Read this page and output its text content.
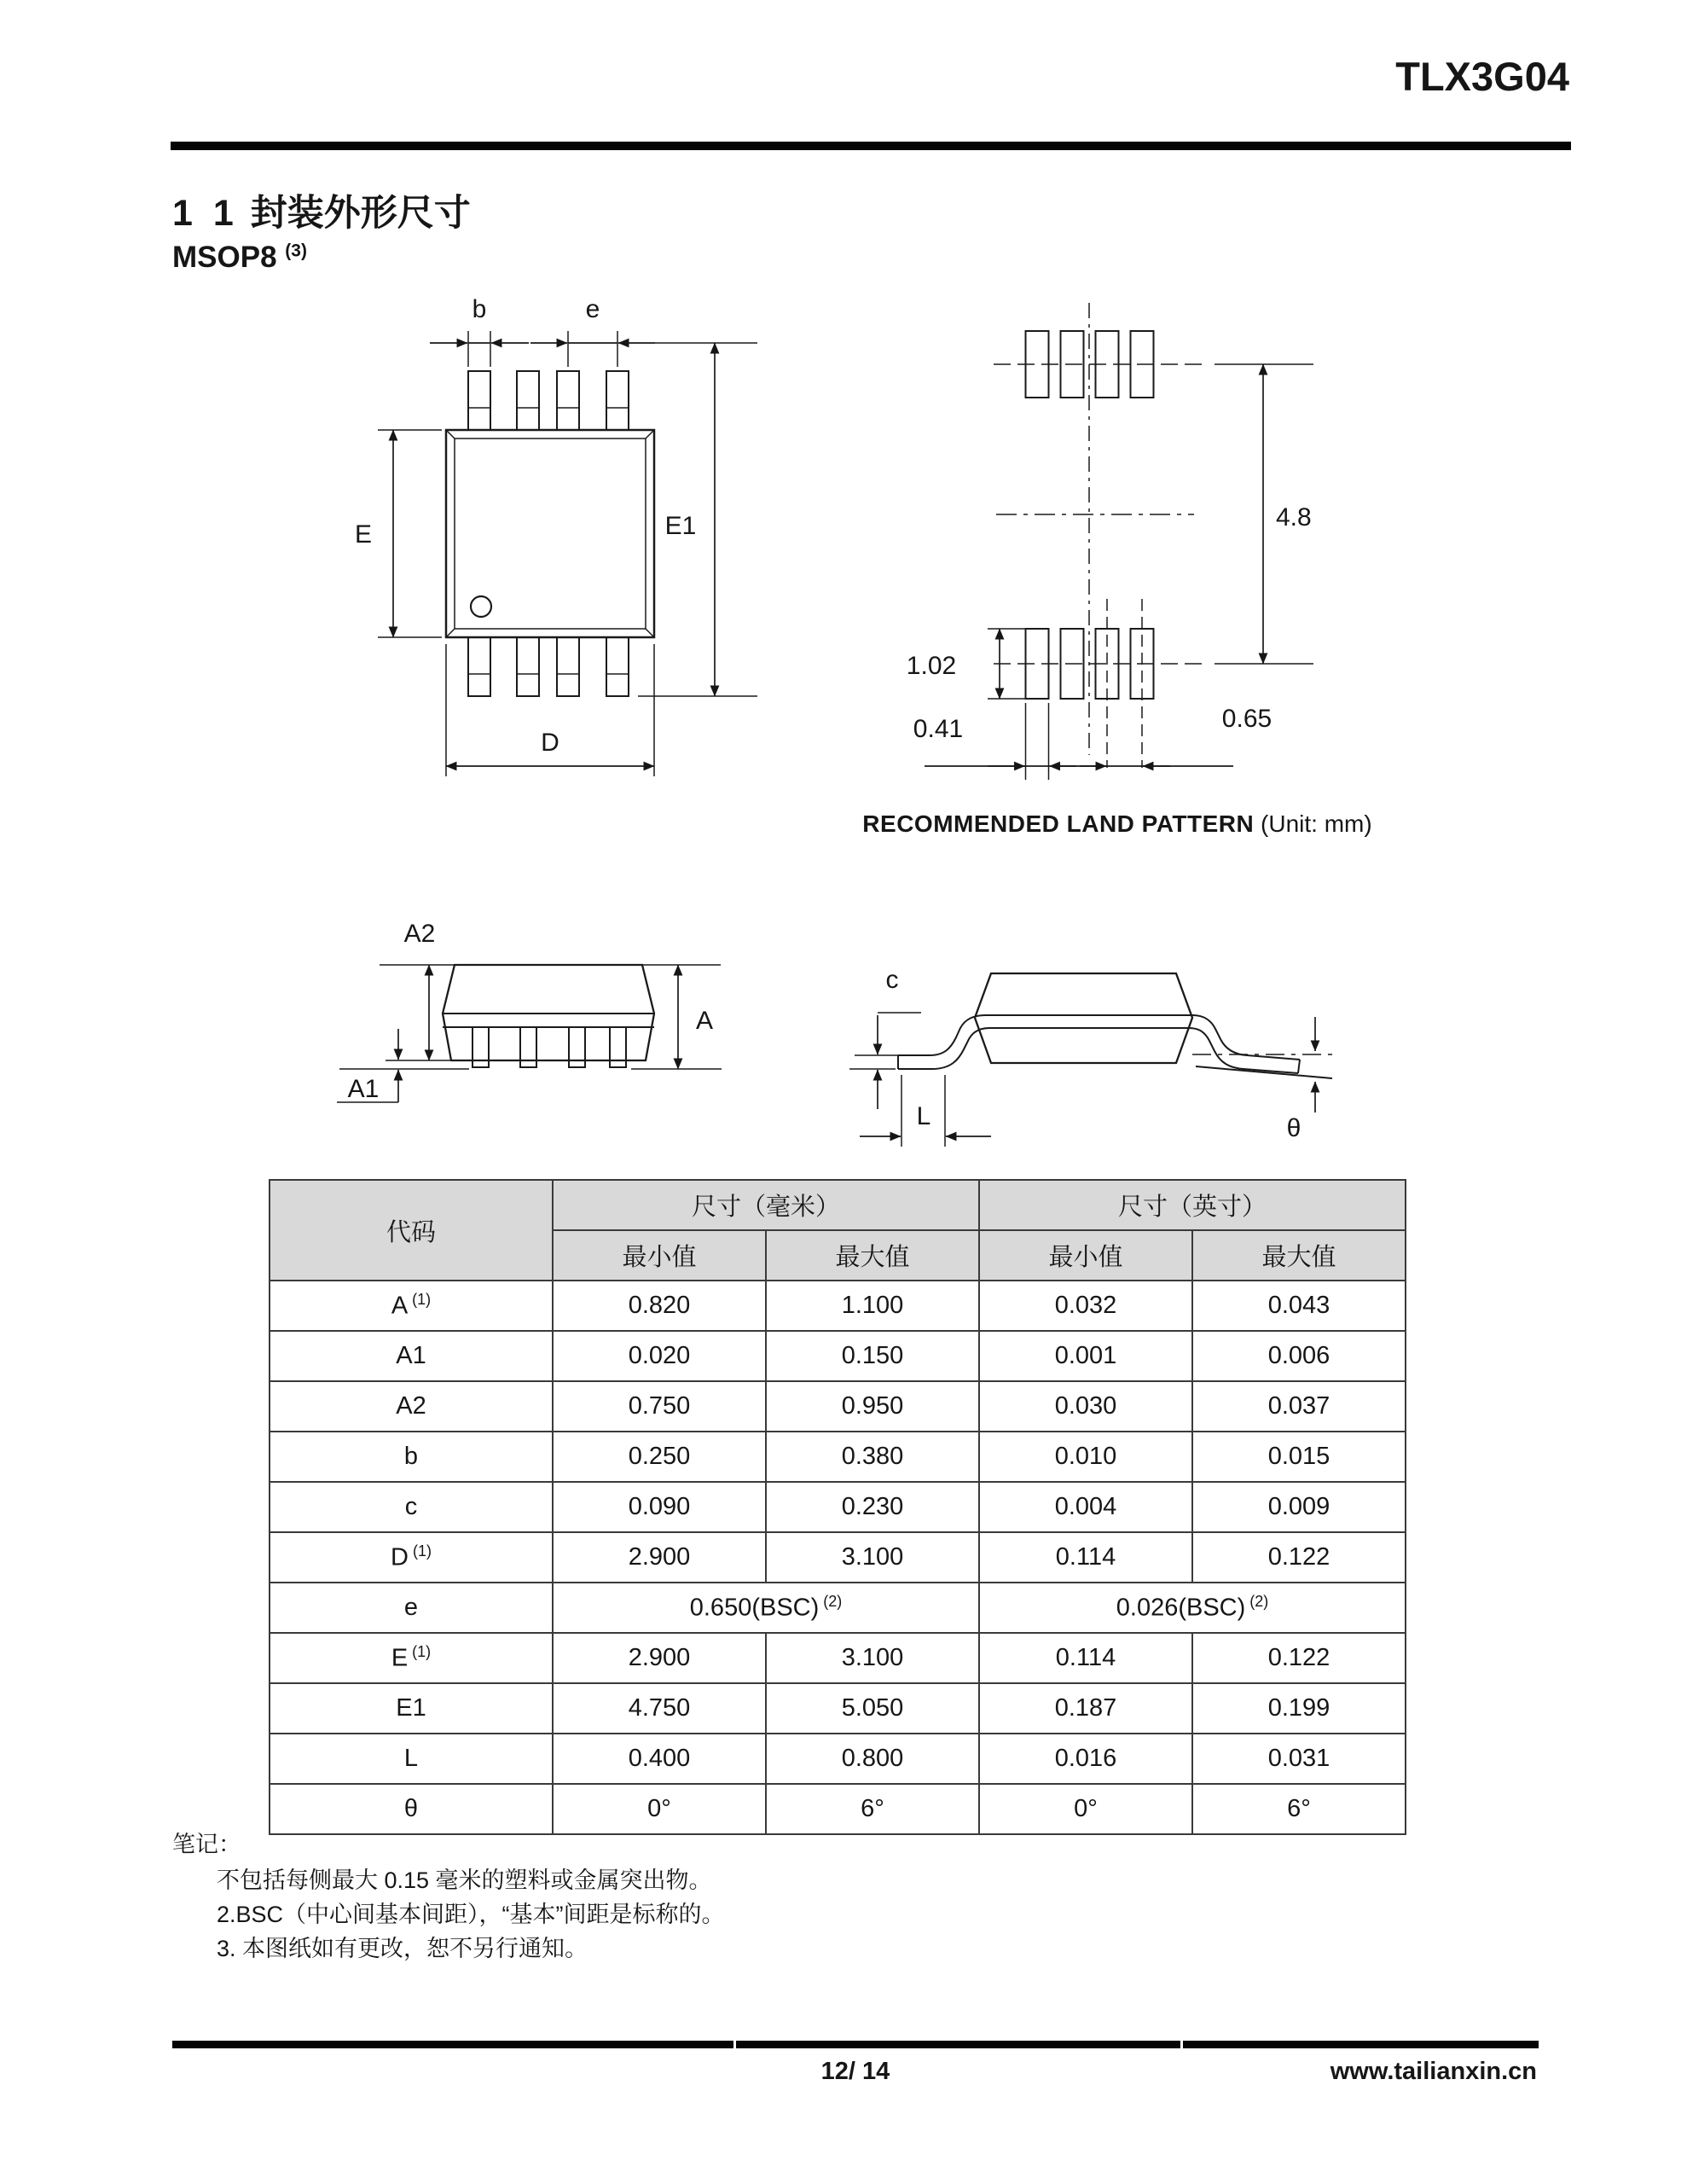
TLX3G04
1 1 封装外形尺寸
MSOP8 $^{(3)}$
b	e
E	E1
D
4.8
1.02
0.41	0.65
RECOMMENDED LAND PATTERN (Unit: mm)
A2
A1
A
c
L	θ
代码	尺寸（毫米）		尺寸（英寸）	
	最小值	最大值	最小值	最大值
A $^{(1)}$	0.820	1.100	0.032	0.043
A1	0.020	0.150	0.001	0.006
A2	0.750	0.950	0.030	0.037
b	0.250	0.380	0.010	0.015
c	0.090	0.230	0.004	0.009
D $^{(1)}$	2.900	3.100	0.114	0.122
e	0.650(BSC) $^{(2)}$		0.026(BSC) $^{(2)}$
E $^{(1)}$	2.900	3.100	0.114	0.122
E1	4.750	5.050	0.187	0.199
L	0.400	0.800	0.016	0.031
θ	0°	6°	0°	6°
笔记：
不包括每侧最大 0.15 毫米的塑料或金属突出物。
2.BSC（中心间基本间距），“基本”间距是标称的。
3. 本图纸如有更改，恕不另行通知。
12/ 14	www.tailianxin.cn
